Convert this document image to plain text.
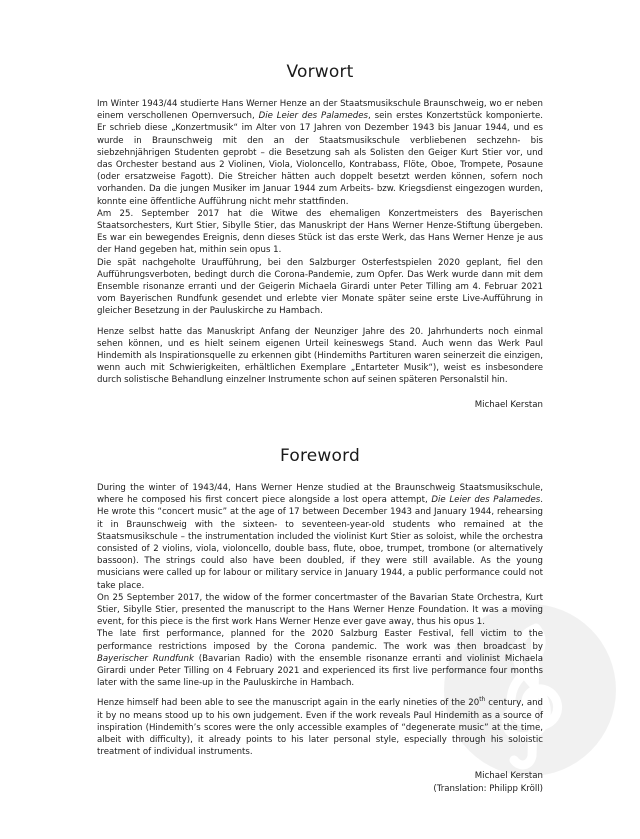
Vorwort

Im Winter 1943/44 studierte Hans Werner Henze an der Staatsmusikschule Braunschweig, wo er neben einem verschollenen Opernversuch, Die Leier des Palamedes, sein erstes Konzertstück komponierte. Er schrieb diese „Konzertmusik“ im Alter von 17 Jahren von Dezember 1943 bis Januar 1944, und es wurde in Braunschweig mit den an der Staatsmusikschule verbliebenen sechzehn- bis siebzehnjährigen Studenten geprobt – die Besetzung sah als Solisten den Geiger Kurt Stier vor, und das Orchester bestand aus 2 Violinen, Viola, Violoncello, Kontrabass, Flöte, Oboe, Trompete, Posaune (oder ersatzweise Fagott). Die Streicher hätten auch doppelt besetzt werden können, sofern noch vorhanden. Da die jungen Musiker im Januar 1944 zum Arbeits- bzw. Kriegsdienst eingezogen wurden, konnte eine öffentliche Aufführung nicht mehr stattfinden.

Am 25. September 2017 hat die Witwe des ehemaligen Konzertmeisters des Bayerischen Staatsorchesters, Kurt Stier, Sibylle Stier, das Manuskript der Hans Werner Henze-Stiftung übergeben. Es war ein bewegendes Ereignis, denn dieses Stück ist das erste Werk, das Hans Werner Henze je aus der Hand gegeben hat, mithin sein opus 1.

Die spät nachgeholte Uraufführung, bei den Salzburger Osterfestspielen 2020 geplant, fiel den Aufführungsverboten, bedingt durch die Corona-Pandemie, zum Opfer. Das Werk wurde dann mit dem Ensemble risonanze erranti und der Geigerin Michaela Girardi unter Peter Tilling am 4. Februar 2021 vom Bayerischen Rundfunk gesendet und erlebte vier Monate später seine erste Live-Aufführung in gleicher Besetzung in der Pauluskirche zu Hambach.

Henze selbst hatte das Manuskript Anfang der Neunziger Jahre des 20. Jahrhunderts noch einmal sehen können, und es hielt seinem eigenen Urteil keineswegs Stand. Auch wenn das Werk Paul Hindemith als Inspirationsquelle zu erkennen gibt (Hindemiths Partituren waren seinerzeit die einzigen, wenn auch mit Schwierigkeiten, erhältlichen Exemplare „Entarteter Musik“), weist es insbesondere durch solistische Behandlung einzelner Instrumente schon auf seinen späteren Personalstil hin.

Michael Kerstan

Foreword

During the winter of 1943/44, Hans Werner Henze studied at the Braunschweig Staatsmusikschule, where he composed his first concert piece alongside a lost opera attempt, Die Leier des Palamedes. He wrote this “concert music” at the age of 17 between December 1943 and January 1944, rehearsing it in Braunschweig with the sixteen- to seventeen-year-old students who remained at the Staatsmusikschule – the instrumentation included the violinist Kurt Stier as soloist, while the orchestra consisted of 2 violins, viola, violoncello, double bass, flute, oboe, trumpet, trombone (or alternatively bassoon). The strings could also have been doubled, if they were still available. As the young musicians were called up for labour or military service in January 1944, a public performance could not take place.

On 25 September 2017, the widow of the former concertmaster of the Bavarian State Orchestra, Kurt Stier, Sibylle Stier, presented the manuscript to the Hans Werner Henze Foundation. It was a moving event, for this piece is the first work Hans Werner Henze ever gave away, thus his opus 1.

The late first performance, planned for the 2020 Salzburg Easter Festival, fell victim to the performance restrictions imposed by the Corona pandemic. The work was then broadcast by Bayerischer Rundfunk (Bavarian Radio) with the ensemble risonanze erranti and violinist Michaela Girardi under Peter Tilling on 4 February 2021 and experienced its first live performance four months later with the same line-up in the Pauluskirche in Hambach.

Henze himself had been able to see the manuscript again in the early nineties of the 20th century, and it by no means stood up to his own judgement. Even if the work reveals Paul Hindemith as a source of inspiration (Hindemith’s scores were the only accessible examples of “degenerate music” at the time, albeit with difficulty), it already points to his later personal style, especially through his soloistic treatment of individual instruments.

Michael Kerstan
(Translation: Philipp Kröll)
